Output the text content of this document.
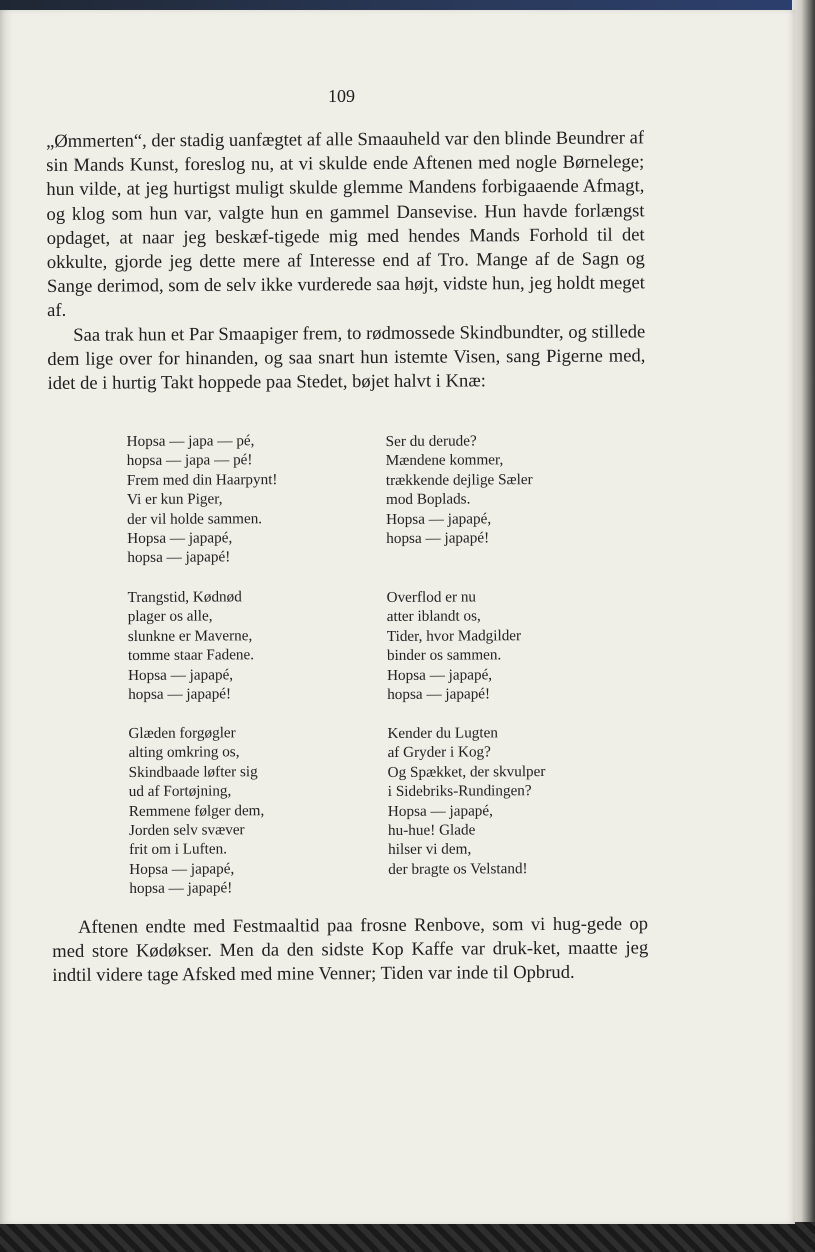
109

„Ømmerten“, der stadig uanfægtet af alle Smaauheld var den blinde Beundrer af sin Mands Kunst, foreslog nu, at vi skulde ende Aftenen med nogle Børnelege; hun vilde, at jeg hurtigst muligt skulde glemme Mandens forbigaaende Afmagt, og klog som hun var, valgte hun en gammel Dansevise. Hun havde forlængst opdaget, at naar jeg beskæf‑tigede mig med hendes Mands Forhold til det okkulte, gjorde jeg dette mere af Interesse end af Tro. Mange af de Sagn og Sange derimod, som de selv ikke vurderede saa højt, vidste hun, jeg holdt meget af.

Saa trak hun et Par Smaapiger frem, to rødmossede Skindbundter, og stillede dem lige over for hinanden, og saa snart hun istemte Visen, sang Pigerne med, idet de i hurtig Takt hoppede paa Stedet, bøjet halvt i Knæ:

Hopsa — japa — pé,
hopsa — japa — pé!
Frem med din Haarpynt!
Vi er kun Piger,
der vil holde sammen.
Hopsa — japapé,
hopsa — japapé!
Trangstid, Kødnød
plager os alle,
slunkne er Maverne,
tomme staar Fadene.
Hopsa — japapé,
hopsa — japapé!
Glæden forgøgler
alting omkring os,
Skindbaade løfter sig
ud af Fortøjning,
Remmene følger dem,
Jorden selv svæver
frit om i Luften.
Hopsa — japapé,
hopsa — japapé!
Ser du derude?
Mændene kommer,
trækkende dejlige Sæler
mod Boplads.
Hopsa — japapé,
hopsa — japapé!
Overflod er nu
atter iblandt os,
Tider, hvor Madgilder
binder os sammen.
Hopsa — japapé,
hopsa — japapé!
Kender du Lugten
af Gryder i Kog?
Og Spækket, der skvulper
i Sidebriks-Rundingen?
Hopsa — japapé,
hu-hue! Glade
hilser vi dem,
der bragte os Velstand!

Aftenen endte med Festmaaltid paa frosne Renbove, som vi hug‑gede op med store Kødøkser. Men da den sidste Kop Kaffe var druk‑ket, maatte jeg indtil videre tage Afsked med mine Venner; Tiden var inde til Opbrud.
